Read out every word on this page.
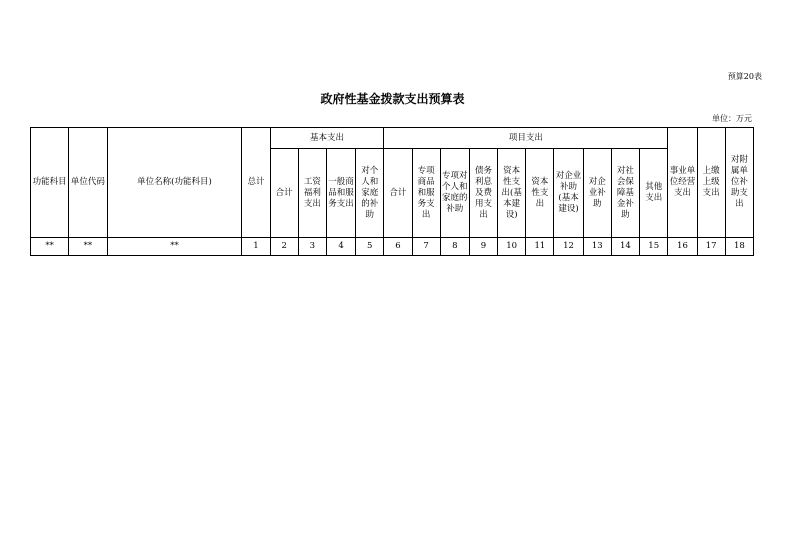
预算20表
政府性基金拨款支出预算表
单位：万元
功能科目	单位代码	单位名称(功能科目)	总计	基本支出				项目支出										事业单位经营支出	上缴上级支出	对附属单位补助支出
				合计	工资福利支出	一般商品和服务支出	对个人和家庭的补助	合计	专项商品和服务支出	专项对个人和家庭的补助	债务利息及费用支出	资本性支出(基本建设)	资本性支出	对企业补助(基本建设)	对企业补助	对社会保障基金补助	其他支出			
**	**	**	1	2	3	4	5	6	7	8	9	10	11	12	13	14	15	16	17	18
